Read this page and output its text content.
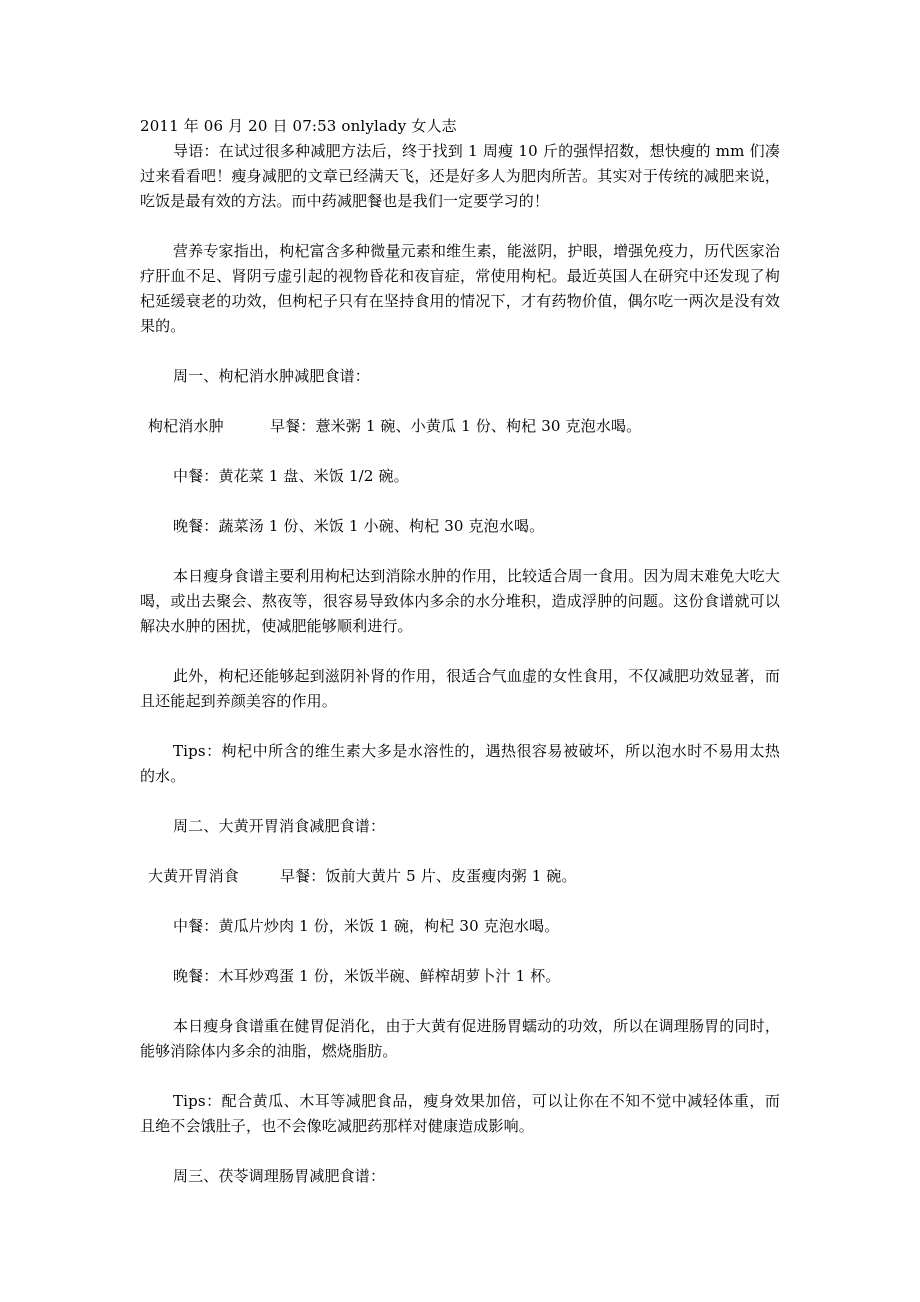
2011 年 06 月 20 日 07:53 onlylady 女人志

导语：在试过很多种减肥方法后，终于找到 1 周瘦 10 斤的强悍招数，想快瘦的 mm 们凑过来看看吧！瘦身减肥的文章已经满天飞，还是好多人为肥肉所苦。其实对于传统的减肥来说，吃饭是最有效的方法。而中药减肥餐也是我们一定要学习的！

营养专家指出，枸杞富含多种微量元素和维生素，能滋阴，护眼，增强免疫力，历代医家治疗肝血不足、肾阴亏虚引起的视物昏花和夜盲症，常使用枸杞。最近英国人在研究中还发现了枸杞延缓衰老的功效，但枸杞子只有在坚持食用的情况下，才有药物价值，偶尔吃一两次是没有效果的。

周一、枸杞消水肿减肥食谱：

枸杞消水肿	早餐：薏米粥 1 碗、小黄瓜 1 份、枸杞 30 克泡水喝。

中餐：黄花菜 1 盘、米饭 1/2 碗。

晚餐：蔬菜汤 1 份、米饭 1 小碗、枸杞 30 克泡水喝。

本日瘦身食谱主要利用枸杞达到消除水肿的作用，比较适合周一食用。因为周末难免大吃大喝，或出去聚会、熬夜等，很容易导致体内多余的水分堆积，造成浮肿的问题。这份食谱就可以解决水肿的困扰，使减肥能够顺利进行。

此外，枸杞还能够起到滋阴补肾的作用，很适合气血虚的女性食用，不仅减肥功效显著，而且还能起到养颜美容的作用。

Tips：枸杞中所含的维生素大多是水溶性的，遇热很容易被破坏，所以泡水时不易用太热的水。

周二、大黄开胃消食减肥食谱：

大黄开胃消食	早餐：饭前大黄片 5 片、皮蛋瘦肉粥 1 碗。

中餐：黄瓜片炒肉 1 份，米饭 1 碗，枸杞 30 克泡水喝。

晚餐：木耳炒鸡蛋 1 份，米饭半碗、鲜榨胡萝卜汁 1 杯。

本日瘦身食谱重在健胃促消化，由于大黄有促进肠胃蠕动的功效，所以在调理肠胃的同时，能够消除体内多余的油脂，燃烧脂肪。

Tips：配合黄瓜、木耳等减肥食品，瘦身效果加倍，可以让你在不知不觉中减轻体重，而且绝不会饿肚子，也不会像吃减肥药那样对健康造成影响。

周三、茯苓调理肠胃减肥食谱：
